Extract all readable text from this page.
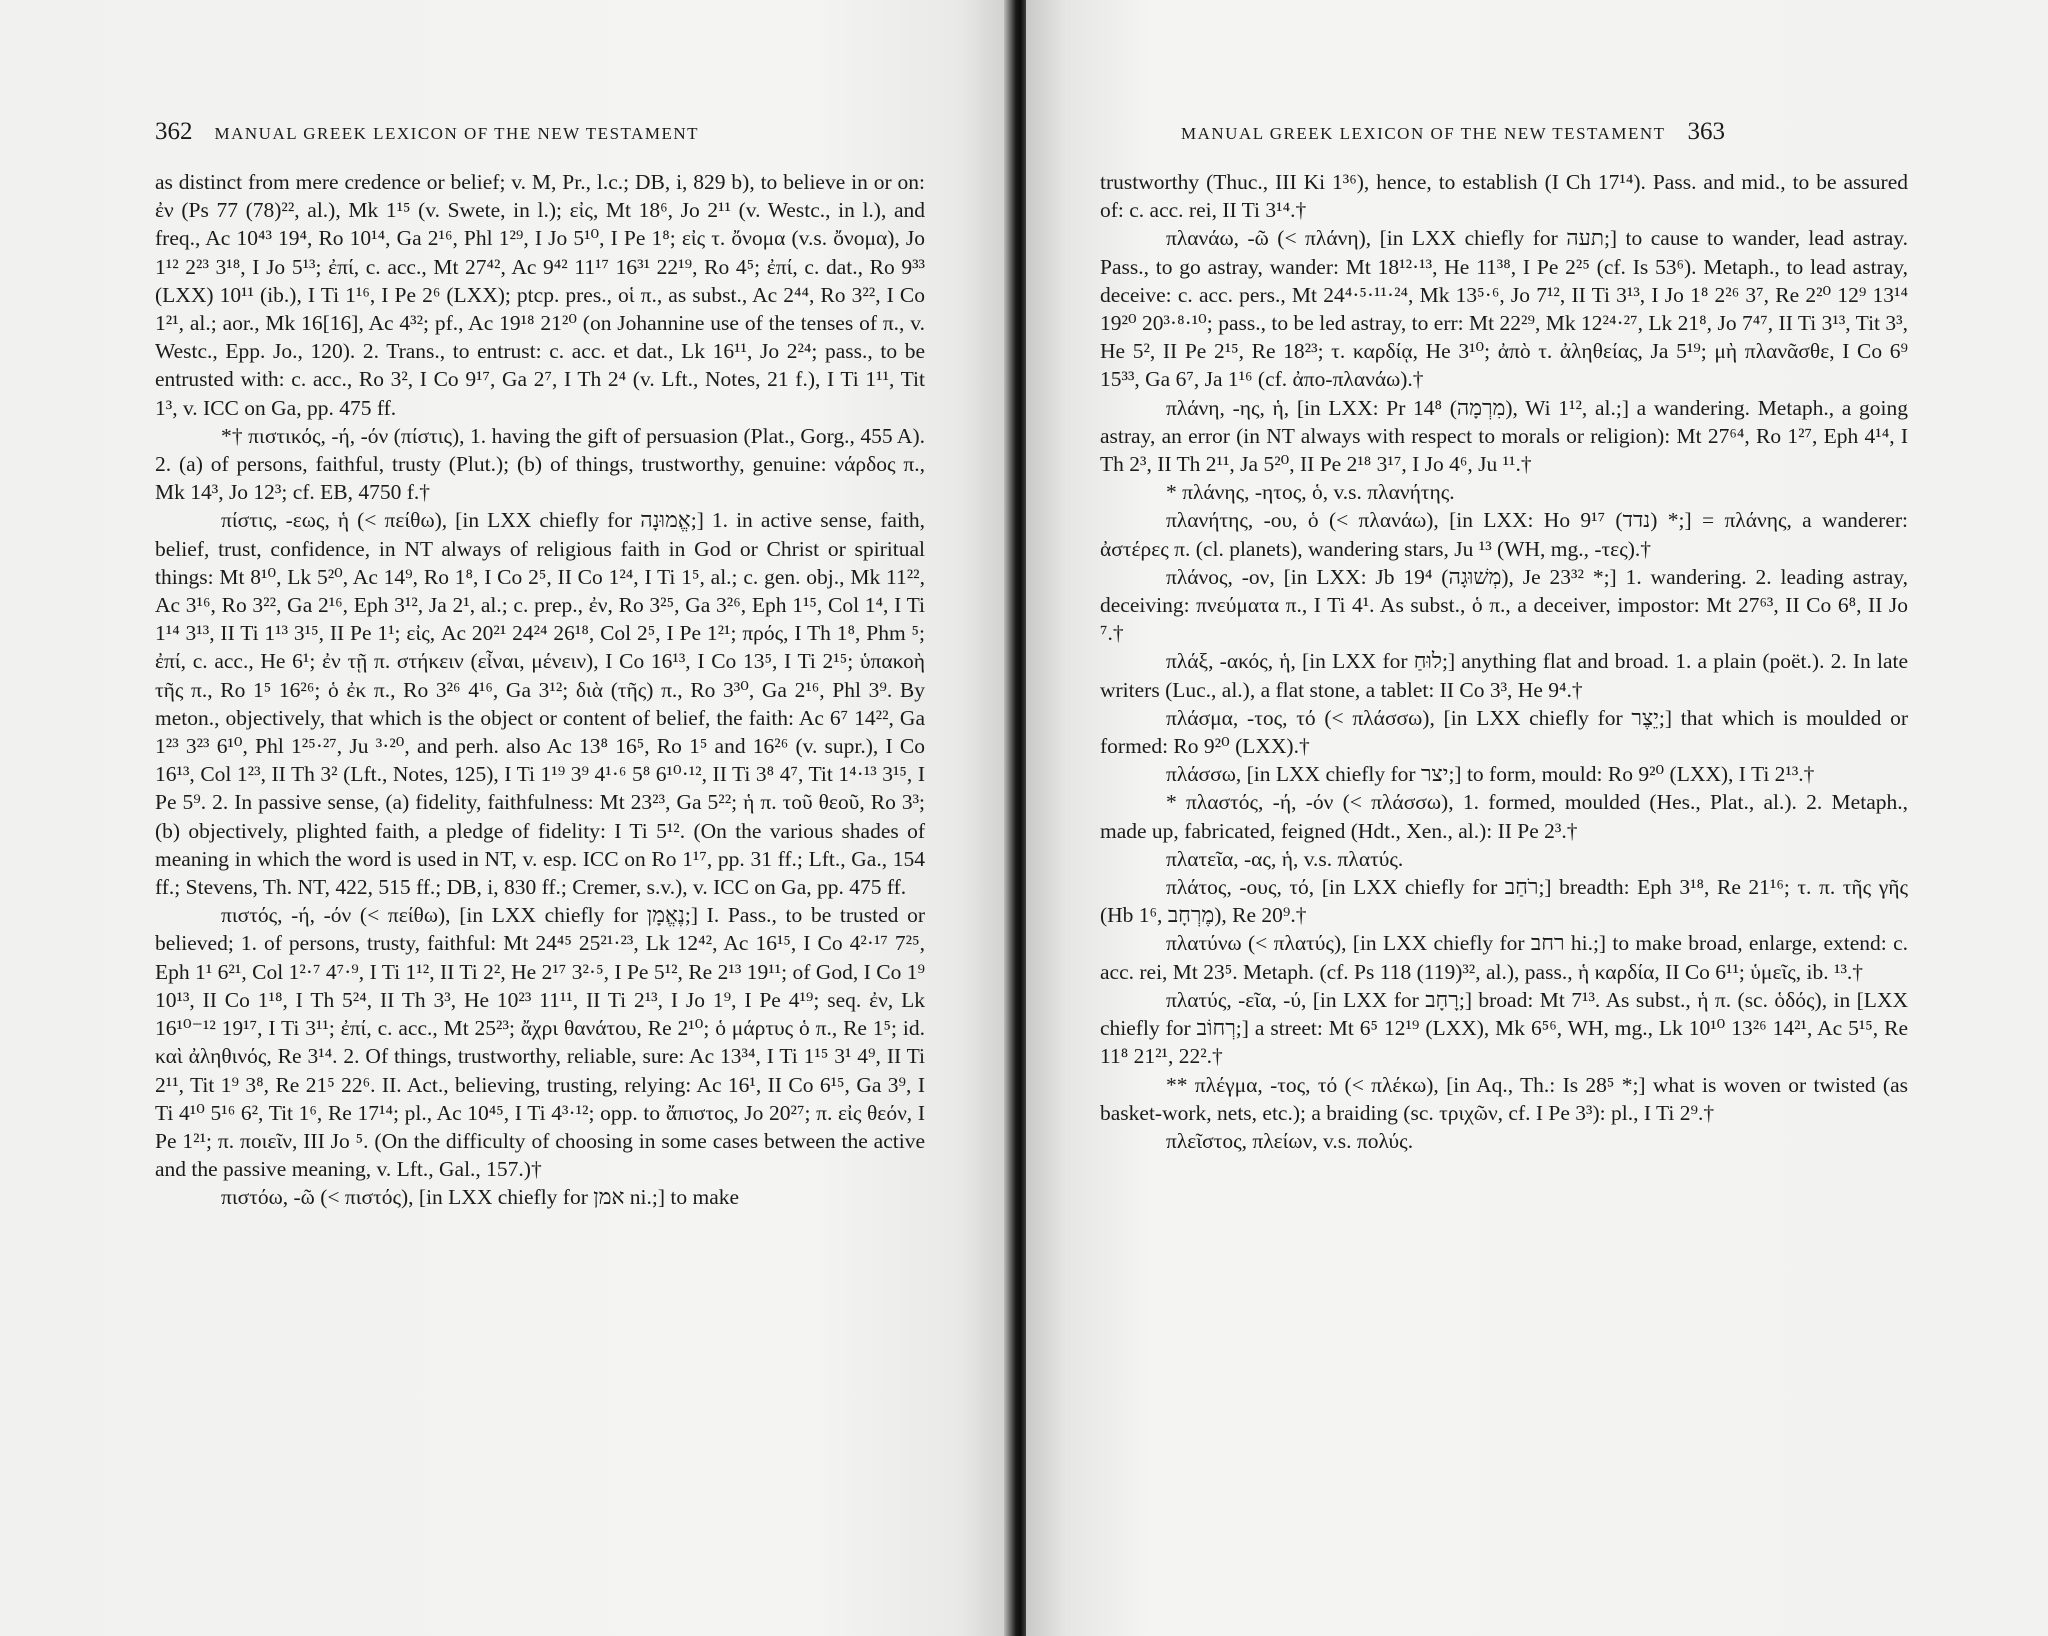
362 MANUAL GREEK LEXICON OF THE NEW TESTAMENT

as distinct from mere credence or belief; v. M, Pr., l.c.; DB, i, 829 b), to believe in or on: ἐν (Ps 77 (78)²², al.), Mk 1¹⁵ (v. Swete, in l.); εἰς, Mt 18⁶, Jo 2¹¹ (v. Westc., in l.), and freq., Ac 10⁴³ 19⁴, Ro 10¹⁴, Ga 2¹⁶, Phl 1²⁹, I Jo 5¹⁰, I Pe 1⁸; εἰς τ. ὄνομα (v.s. ὄνομα), Jo 1¹² 2²³ 3¹⁸, I Jo 5¹³; ἐπί, c. acc., Mt 27⁴², Ac 9⁴² 11¹⁷ 16³¹ 22¹⁹, Ro 4⁵; ἐπί, c. dat., Ro 9³³ (LXX) 10¹¹ (ib.), I Ti 1¹⁶, I Pe 2⁶ (LXX); ptcp. pres., οἱ π., as subst., Ac 2⁴⁴, Ro 3²², I Co 1²¹, al.; aor., Mk 16[16], Ac 4³²; pf., Ac 19¹⁸ 21²⁰ (on Johannine use of the tenses of π., v. Westc., Epp. Jo., 120). 2. Trans., to entrust: c. acc. et dat., Lk 16¹¹, Jo 2²⁴; pass., to be entrusted with: c. acc., Ro 3², I Co 9¹⁷, Ga 2⁷, I Th 2⁴ (v. Lft., Notes, 21 f.), I Ti 1¹¹, Tit 1³, v. ICC on Ga, pp. 475 ff.

*† πιστικός, -ή, -όν (πίστις), 1. having the gift of persuasion (Plat., Gorg., 455 A). 2. (a) of persons, faithful, trusty (Plut.); (b) of things, trustworthy, genuine: νάρδος π., Mk 14³, Jo 12³; cf. EB, 4750 f.†

πίστις, -εως, ἡ (< πείθω), [in LXX chiefly for אֱמוּנָה;] 1. in active sense, faith, belief, trust, confidence, in NT always of religious faith in God or Christ or spiritual things: Mt 8¹⁰, Lk 5²⁰, Ac 14⁹, Ro 1⁸, I Co 2⁵, II Co 1²⁴, I Ti 1⁵, al.; c. gen. obj., Mk 11²², Ac 3¹⁶, Ro 3²², Ga 2¹⁶, Eph 3¹², Ja 2¹, al.; c. prep., ἐν, Ro 3²⁵, Ga 3²⁶, Eph 1¹⁵, Col 1⁴, I Ti 1¹⁴ 3¹³, II Ti 1¹³ 3¹⁵, II Pe 1¹; εἰς, Ac 20²¹ 24²⁴ 26¹⁸, Col 2⁵, I Pe 1²¹; πρός, I Th 1⁸, Phm ⁵; ἐπί, c. acc., He 6¹; ἐν τῇ π. στήκειν (εἶναι, μένειν), I Co 16¹³, I Co 13⁵, I Ti 2¹⁵; ὑπακοὴ τῆς π., Ro 1⁵ 16²⁶; ὁ ἐκ π., Ro 3²⁶ 4¹⁶, Ga 3¹²; διὰ (τῆς) π., Ro 3³⁰, Ga 2¹⁶, Phl 3⁹. By meton., objectively, that which is the object or content of belief, the faith: Ac 6⁷ 14²², Ga 1²³ 3²³ 6¹⁰, Phl 1²⁵·²⁷, Ju ³·²⁰, and perh. also Ac 13⁸ 16⁵, Ro 1⁵ and 16²⁶ (v. supr.), I Co 16¹³, Col 1²³, II Th 3² (Lft., Notes, 125), I Ti 1¹⁹ 3⁹ 4¹·⁶ 5⁸ 6¹⁰·¹², II Ti 3⁸ 4⁷, Tit 1⁴·¹³ 3¹⁵, I Pe 5⁹. 2. In passive sense, (a) fidelity, faithfulness: Mt 23²³, Ga 5²²; ἡ π. τοῦ θεοῦ, Ro 3³; (b) objectively, plighted faith, a pledge of fidelity: I Ti 5¹². (On the various shades of meaning in which the word is used in NT, v. esp. ICC on Ro 1¹⁷, pp. 31 ff.; Lft., Ga., 154 ff.; Stevens, Th. NT, 422, 515 ff.; DB, i, 830 ff.; Cremer, s.v.), v. ICC on Ga, pp. 475 ff.

πιστός, -ή, -όν (< πείθω), [in LXX chiefly for נֶאֱמָן;] I. Pass., to be trusted or believed; 1. of persons, trusty, faithful: Mt 24⁴⁵ 25²¹·²³, Lk 12⁴², Ac 16¹⁵, I Co 4²·¹⁷ 7²⁵, Eph 1¹ 6²¹, Col 1²·⁷ 4⁷·⁹, I Ti 1¹², II Ti 2², He 2¹⁷ 3²·⁵, I Pe 5¹², Re 2¹³ 19¹¹; of God, I Co 1⁹ 10¹³, II Co 1¹⁸, I Th 5²⁴, II Th 3³, He 10²³ 11¹¹, II Ti 2¹³, I Jo 1⁹, I Pe 4¹⁹; seq. ἐν, Lk 16¹⁰⁻¹² 19¹⁷, I Ti 3¹¹; ἐπί, c. acc., Mt 25²³; ἄχρι θανάτου, Re 2¹⁰; ὁ μάρτυς ὁ π., Re 1⁵; id. καὶ ἀληθινός, Re 3¹⁴. 2. Of things, trustworthy, reliable, sure: Ac 13³⁴, I Ti 1¹⁵ 3¹ 4⁹, II Ti 2¹¹, Tit 1⁹ 3⁸, Re 21⁵ 22⁶. II. Act., believing, trusting, relying: Ac 16¹, II Co 6¹⁵, Ga 3⁹, I Ti 4¹⁰ 5¹⁶ 6², Tit 1⁶, Re 17¹⁴; pl., Ac 10⁴⁵, I Ti 4³·¹²; opp. to ἄπιστος, Jo 20²⁷; π. εἰς θεόν, I Pe 1²¹; π. ποιεῖν, III Jo ⁵. (On the difficulty of choosing in some cases between the active and the passive meaning, v. Lft., Gal., 157.)†

πιστόω, -ῶ (< πιστός), [in LXX chiefly for אמן ni.;] to make

MANUAL GREEK LEXICON OF THE NEW TESTAMENT 363

trustworthy (Thuc., III Ki 1³⁶), hence, to establish (I Ch 17¹⁴). Pass. and mid., to be assured of: c. acc. rei, II Ti 3¹⁴.†

πλανάω, -ῶ (< πλάνη), [in LXX chiefly for תעה;] to cause to wander, lead astray. Pass., to go astray, wander: Mt 18¹²·¹³, He 11³⁸, I Pe 2²⁵ (cf. Is 53⁶). Metaph., to lead astray, deceive: c. acc. pers., Mt 24⁴·⁵·¹¹·²⁴, Mk 13⁵·⁶, Jo 7¹², II Ti 3¹³, I Jo 1⁸ 2²⁶ 3⁷, Re 2²⁰ 12⁹ 13¹⁴ 19²⁰ 20³·⁸·¹⁰; pass., to be led astray, to err: Mt 22²⁹, Mk 12²⁴·²⁷, Lk 21⁸, Jo 7⁴⁷, II Ti 3¹³, Tit 3³, He 5², II Pe 2¹⁵, Re 18²³; τ. καρδίᾳ, He 3¹⁰; ἀπὸ τ. ἀληθείας, Ja 5¹⁹; μὴ πλανᾶσθε, I Co 6⁹ 15³³, Ga 6⁷, Ja 1¹⁶ (cf. ἀπο-πλανάω).†

πλάνη, -ης, ἡ, [in LXX: Pr 14⁸ (מִרְמָה), Wi 1¹², al.;] a wandering. Metaph., a going astray, an error (in NT always with respect to morals or religion): Mt 27⁶⁴, Ro 1²⁷, Eph 4¹⁴, I Th 2³, II Th 2¹¹, Ja 5²⁰, II Pe 2¹⁸ 3¹⁷, I Jo 4⁶, Ju ¹¹.†

* πλάνης, -ητος, ὁ, v.s. πλανήτης.

πλανήτης, -ου, ὁ (< πλανάω), [in LXX: Ho 9¹⁷ (נדד) *;] = πλάνης, a wanderer: ἀστέρες π. (cl. planets), wandering stars, Ju ¹³ (WH, mg., -τες).†

πλάνος, -ον, [in LXX: Jb 19⁴ (מְשׁוּגָה), Je 23³² *;] 1. wandering. 2. leading astray, deceiving: πνεύματα π., I Ti 4¹. As subst., ὁ π., a deceiver, impostor: Mt 27⁶³, II Co 6⁸, II Jo ⁷.†

πλάξ, -ακός, ἡ, [in LXX for לוּחַ;] anything flat and broad. 1. a plain (poët.). 2. In late writers (Luc., al.), a flat stone, a tablet: II Co 3³, He 9⁴.†

πλάσμα, -τος, τό (< πλάσσω), [in LXX chiefly for יֵצֶר;] that which is moulded or formed: Ro 9²⁰ (LXX).†

πλάσσω, [in LXX chiefly for יצר;] to form, mould: Ro 9²⁰ (LXX), I Ti 2¹³.†

* πλαστός, -ή, -όν (< πλάσσω), 1. formed, moulded (Hes., Plat., al.). 2. Metaph., made up, fabricated, feigned (Hdt., Xen., al.): II Pe 2³.†

πλατεῖα, -ας, ἡ, v.s. πλατύς.

πλάτος, -ους, τό, [in LXX chiefly for רֹחַב;] breadth: Eph 3¹⁸, Re 21¹⁶; τ. π. τῆς γῆς (Hb 1⁶, מֶרְחָב), Re 20⁹.†

πλατύνω (< πλατύς), [in LXX chiefly for רחב hi.;] to make broad, enlarge, extend: c. acc. rei, Mt 23⁵. Metaph. (cf. Ps 118 (119)³², al.), pass., ἡ καρδία, II Co 6¹¹; ὑμεῖς, ib. ¹³.†

πλατύς, -εῖα, -ύ, [in LXX for רָחָב;] broad: Mt 7¹³. As subst., ἡ π. (sc. ὁδός), in [LXX chiefly for רְחוֹב;] a street: Mt 6⁵ 12¹⁹ (LXX), Mk 6⁵⁶, WH, mg., Lk 10¹⁰ 13²⁶ 14²¹, Ac 5¹⁵, Re 11⁸ 21²¹, 22².†

** πλέγμα, -τος, τό (< πλέκω), [in Aq., Th.: Is 28⁵ *;] what is woven or twisted (as basket-work, nets, etc.); a braiding (sc. τριχῶν, cf. I Pe 3³): pl., I Ti 2⁹.†

πλεῖστος, πλείων, v.s. πολύς.
